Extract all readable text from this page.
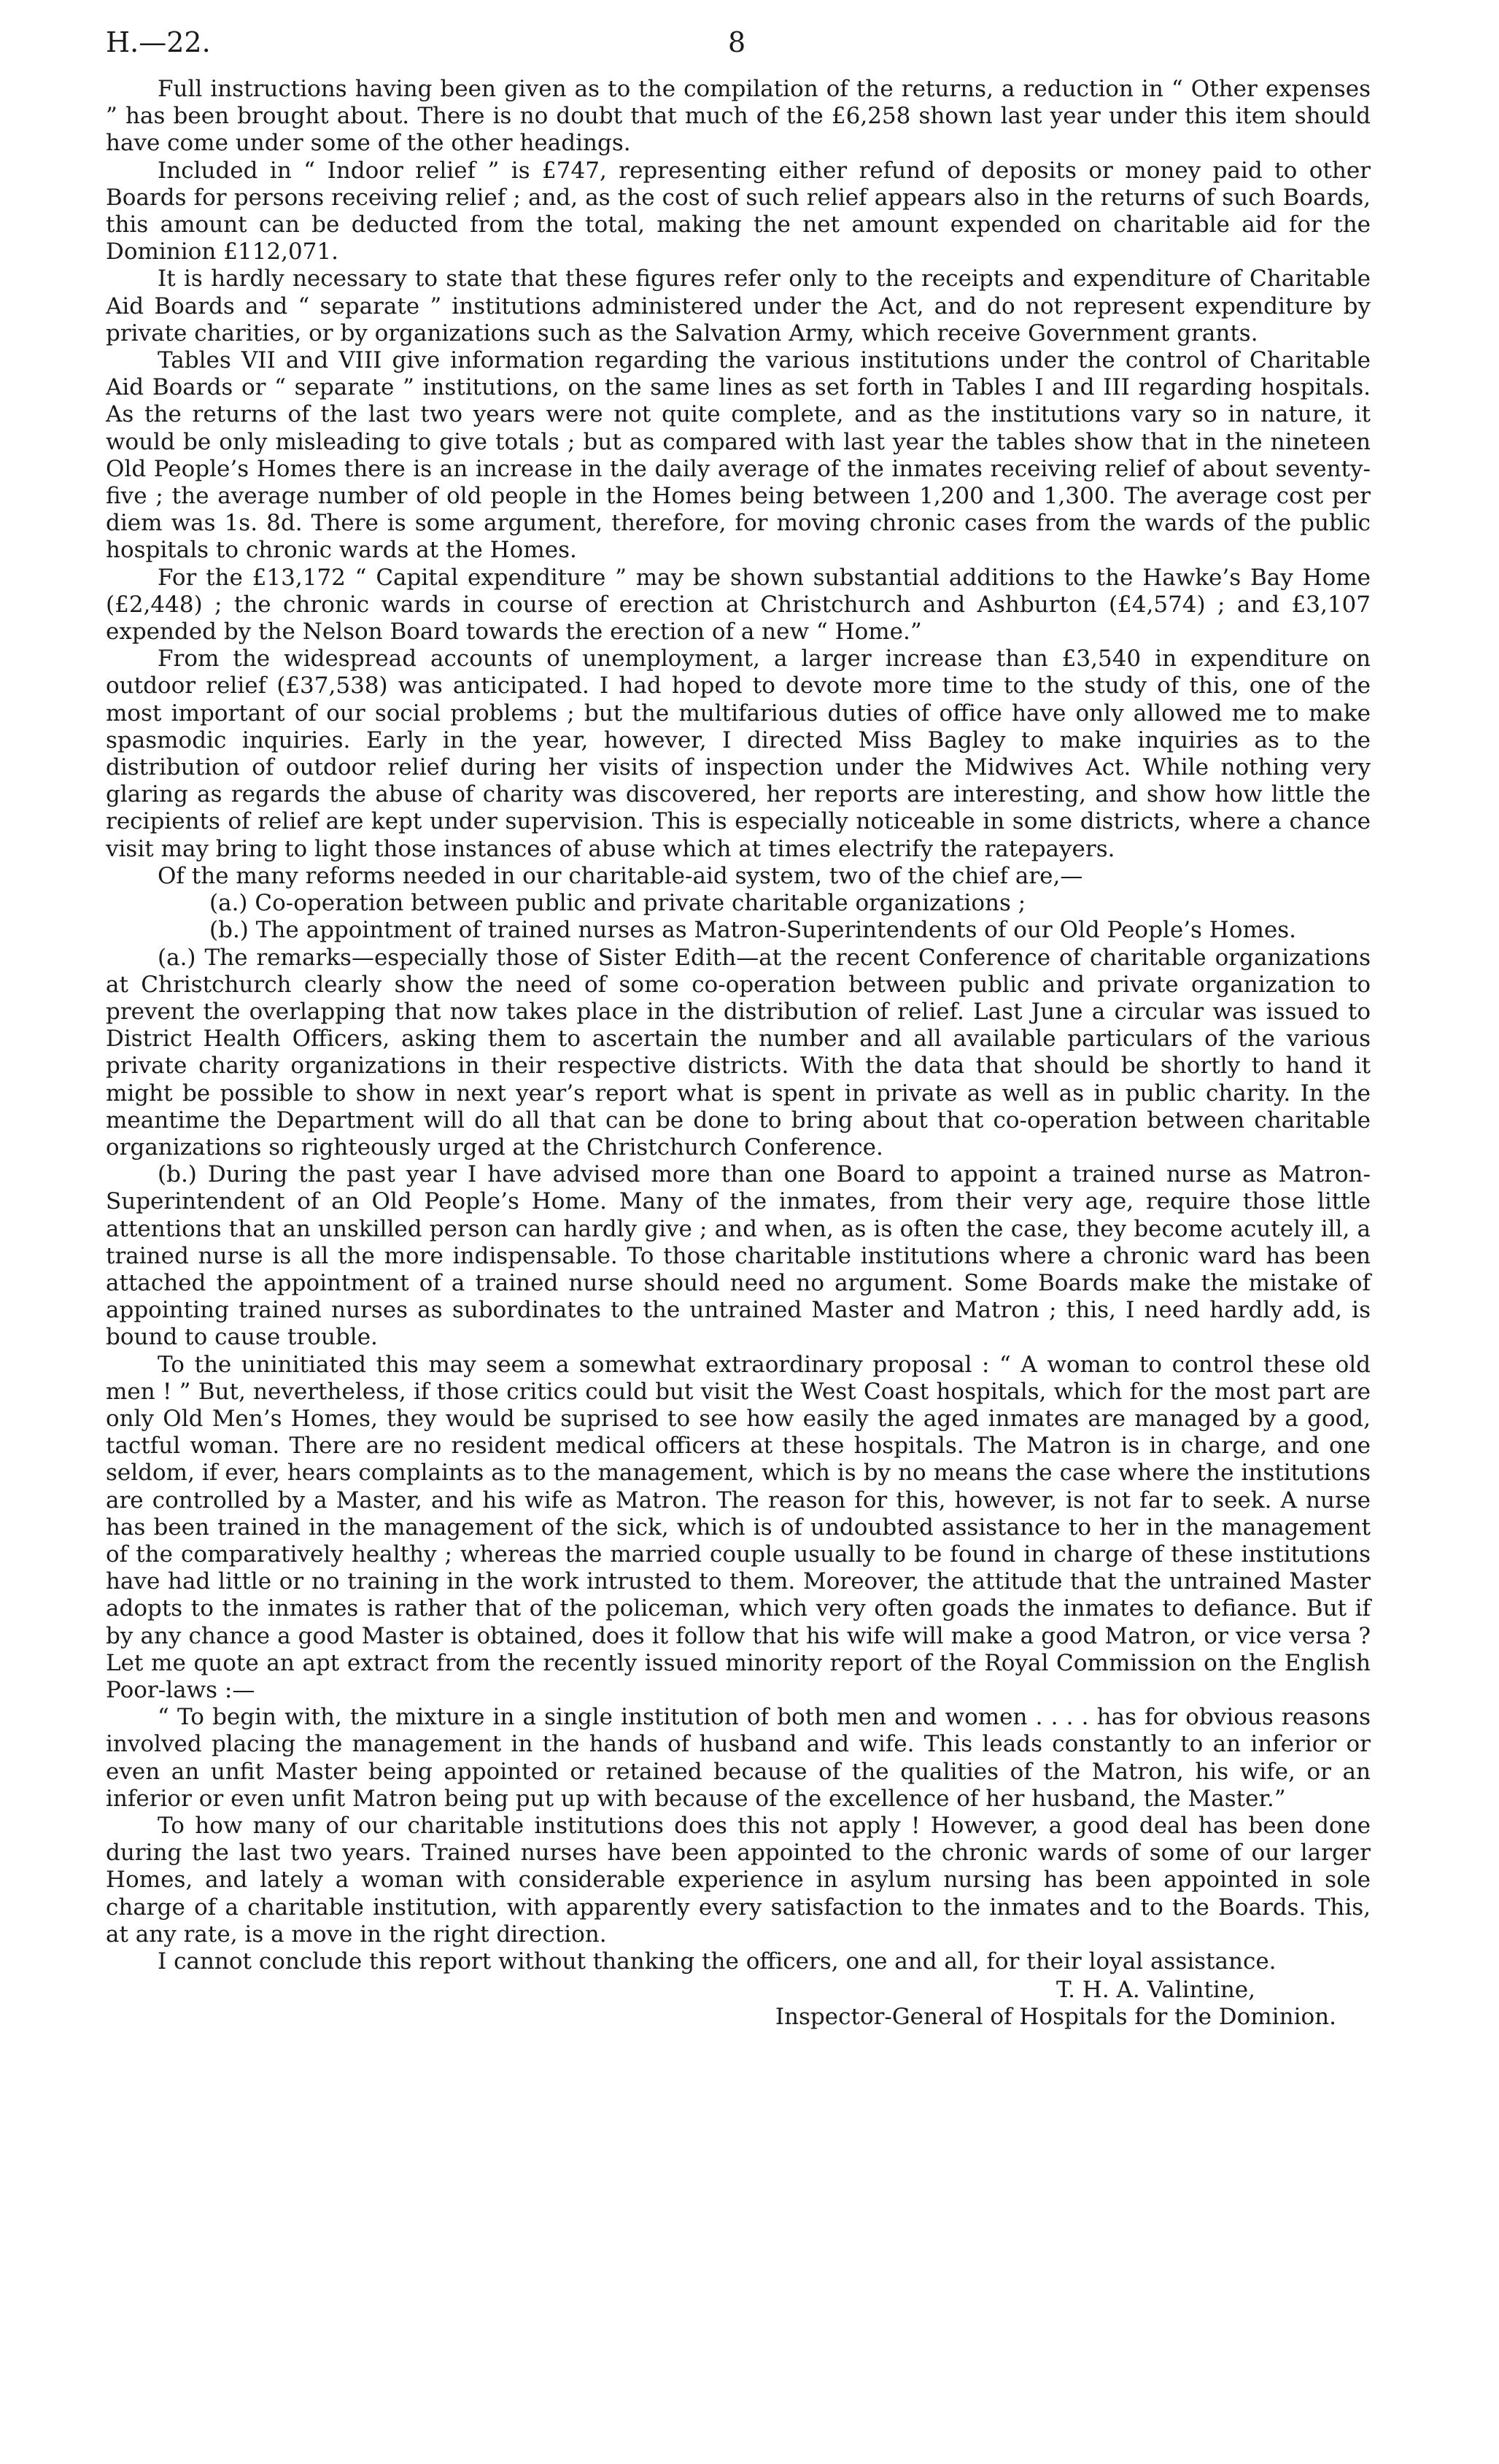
H.—22.	8

Full instructions having been given as to the compilation of the returns, a reduction in “ Other expenses ” has been brought about. There is no doubt that much of the £6,258 shown last year under this item should have come under some of the other headings.

Included in “ Indoor relief ” is £747, representing either refund of deposits or money paid to other Boards for persons receiving relief ; and, as the cost of such relief appears also in the returns of such Boards, this amount can be deducted from the total, making the net amount expended on charitable aid for the Dominion £112,071.

It is hardly necessary to state that these figures refer only to the receipts and expenditure of Charitable Aid Boards and “ separate ” institutions administered under the Act, and do not represent expenditure by private charities, or by organizations such as the Salvation Army, which receive Government grants.

Tables VII and VIII give information regarding the various institutions under the control of Charitable Aid Boards or “ separate ” institutions, on the same lines as set forth in Tables I and III regarding hospitals. As the returns of the last two years were not quite complete, and as the institutions vary so in nature, it would be only misleading to give totals ; but as compared with last year the tables show that in the nineteen Old People’s Homes there is an increase in the daily average of the inmates receiving relief of about seventy-five ; the average number of old people in the Homes being between 1,200 and 1,300. The average cost per diem was 1s. 8d. There is some argument, therefore, for moving chronic cases from the wards of the public hospitals to chronic wards at the Homes.

For the £13,172 “ Capital expenditure ” may be shown substantial additions to the Hawke’s Bay Home (£2,448) ; the chronic wards in course of erection at Christchurch and Ashburton (£4,574) ; and £3,107 expended by the Nelson Board towards the erection of a new “ Home.”

From the widespread accounts of unemployment, a larger increase than £3,540 in expenditure on outdoor relief (£37,538) was anticipated. I had hoped to devote more time to the study of this, one of the most important of our social problems ; but the multifarious duties of office have only allowed me to make spasmodic inquiries. Early in the year, however, I directed Miss Bagley to make inquiries as to the distribution of outdoor relief during her visits of inspection under the Midwives Act. While nothing very glaring as regards the abuse of charity was discovered, her reports are interesting, and show how little the recipients of relief are kept under supervision. This is especially noticeable in some districts, where a chance visit may bring to light those instances of abuse which at times electrify the ratepayers.

Of the many reforms needed in our charitable-aid system, two of the chief are,—

(a.) Co-operation between public and private charitable organizations ;

(b.) The appointment of trained nurses as Matron-Superintendents of our Old People’s Homes.

(a.) The remarks—especially those of Sister Edith—at the recent Conference of charitable organizations at Christchurch clearly show the need of some co-operation between public and private organization to prevent the overlapping that now takes place in the distribution of relief. Last June a circular was issued to District Health Officers, asking them to ascertain the number and all available particulars of the various private charity organizations in their respective districts. With the data that should be shortly to hand it might be possible to show in next year’s report what is spent in private as well as in public charity. In the meantime the Department will do all that can be done to bring about that co-operation between charitable organizations so righteously urged at the Christchurch Conference.

(b.) During the past year I have advised more than one Board to appoint a trained nurse as Matron-Superintendent of an Old People’s Home. Many of the inmates, from their very age, require those little attentions that an unskilled person can hardly give ; and when, as is often the case, they become acutely ill, a trained nurse is all the more indispensable. To those charitable institutions where a chronic ward has been attached the appointment of a trained nurse should need no argument. Some Boards make the mistake of appointing trained nurses as subordinates to the untrained Master and Matron ; this, I need hardly add, is bound to cause trouble.

To the uninitiated this may seem a somewhat extraordinary proposal : “ A woman to control these old men ! ” But, nevertheless, if those critics could but visit the West Coast hospitals, which for the most part are only Old Men’s Homes, they would be suprised to see how easily the aged inmates are managed by a good, tactful woman. There are no resident medical officers at these hospitals. The Matron is in charge, and one seldom, if ever, hears complaints as to the management, which is by no means the case where the institutions are controlled by a Master, and his wife as Matron. The reason for this, however, is not far to seek. A nurse has been trained in the management of the sick, which is of undoubted assistance to her in the management of the comparatively healthy ; whereas the married couple usually to be found in charge of these institutions have had little or no training in the work intrusted to them. Moreover, the attitude that the untrained Master adopts to the inmates is rather that of the policeman, which very often goads the inmates to defiance. But if by any chance a good Master is obtained, does it follow that his wife will make a good Matron, or vice versa ? Let me quote an apt extract from the recently issued minority report of the Royal Commission on the English Poor-laws :—

“ To begin with, the mixture in a single institution of both men and women . . . . has for obvious reasons involved placing the management in the hands of husband and wife. This leads constantly to an inferior or even an unfit Master being appointed or retained because of the qualities of the Matron, his wife, or an inferior or even unfit Matron being put up with because of the excellence of her husband, the Master.”

To how many of our charitable institutions does this not apply ! However, a good deal has been done during the last two years. Trained nurses have been appointed to the chronic wards of some of our larger Homes, and lately a woman with considerable experience in asylum nursing has been appointed in sole charge of a charitable institution, with apparently every satisfaction to the inmates and to the Boards. This, at any rate, is a move in the right direction.

I cannot conclude this report without thanking the officers, one and all, for their loyal assistance.

T. H. A. Valintine,

Inspector-General of Hospitals for the Dominion.
